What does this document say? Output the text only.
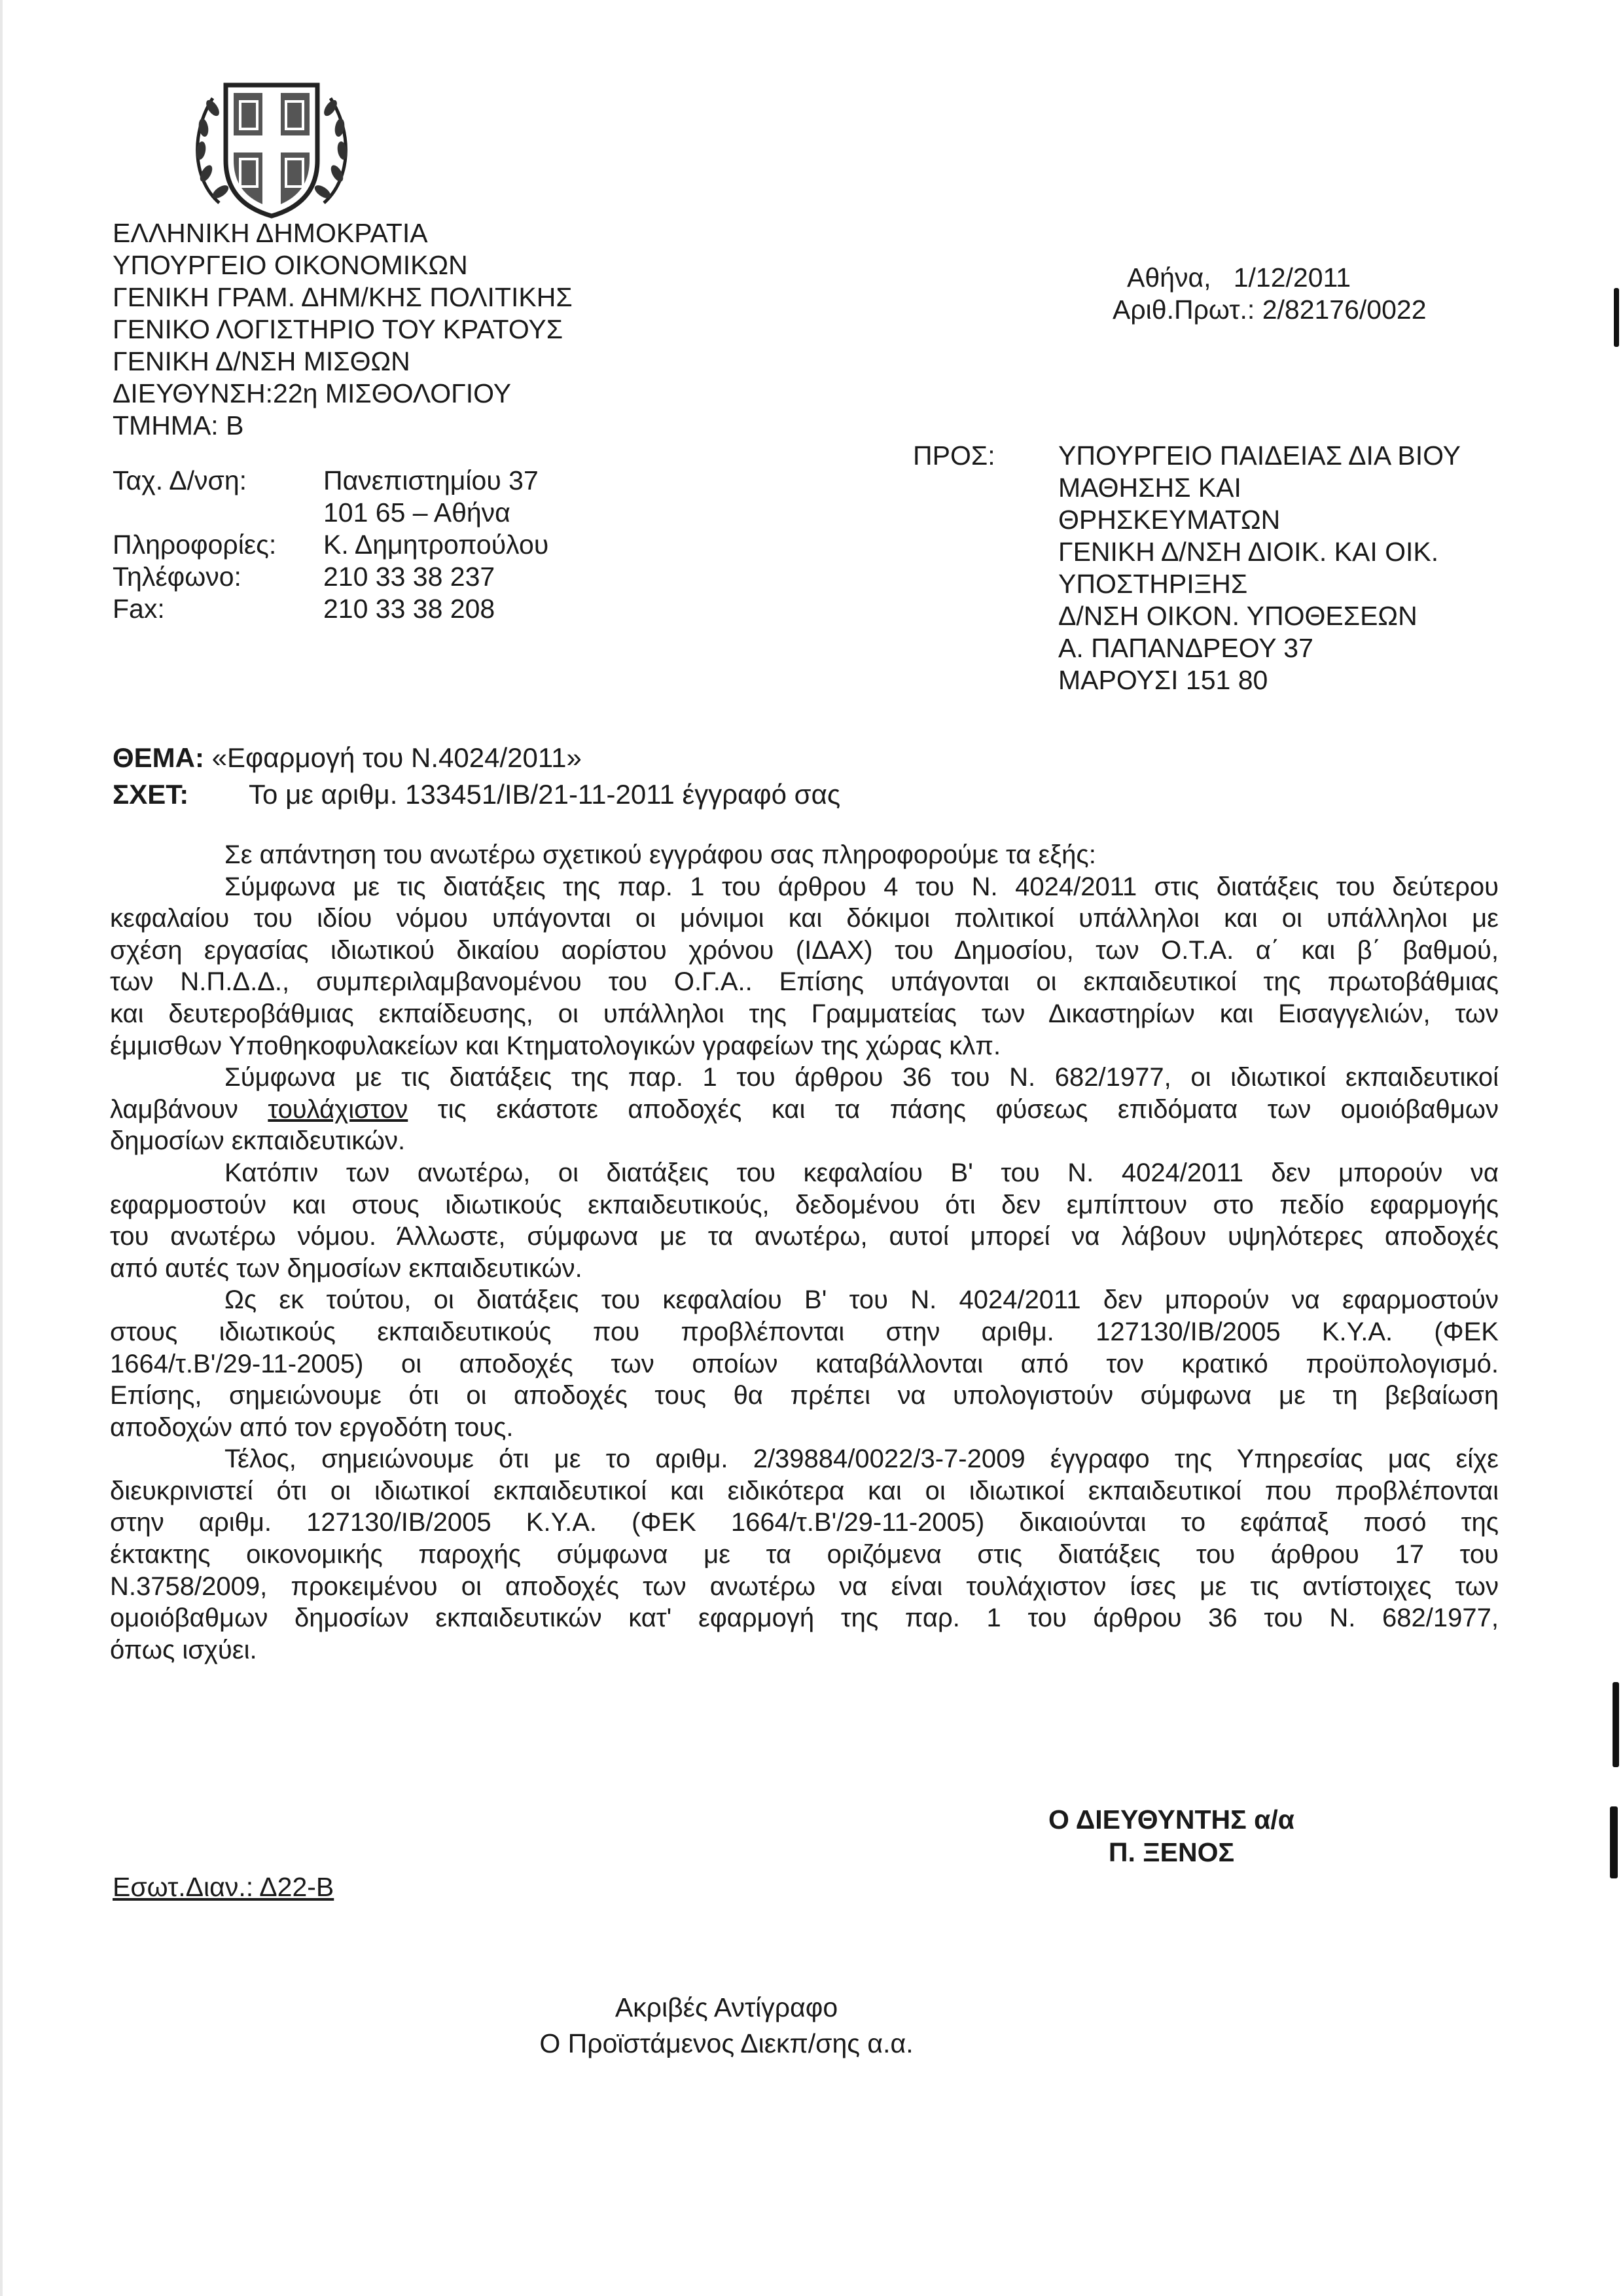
ΕΛΛΗΝΙΚΗ ΔΗΜΟΚΡΑΤΙΑ
ΥΠΟΥΡΓΕΙΟ ΟΙΚΟΝΟΜΙΚΩΝ
ΓΕΝΙΚΗ ΓΡΑΜ. ΔΗΜ/ΚΗΣ ΠΟΛΙΤΙΚΗΣ
ΓΕΝΙΚΟ ΛΟΓΙΣΤΗΡΙΟ ΤΟΥ ΚΡΑΤΟΥΣ
ΓΕΝΙΚΗ Δ/ΝΣΗ ΜΙΣΘΩΝ
ΔΙΕΥΘΥΝΣΗ:22η ΜΙΣΘΟΛΟΓΙΟΥ
ΤΜΗΜΑ: Β
Ταχ. Δ/νση:	Πανεπιστημίου 37
101 65 – Αθήνα
Πληροφορίες:	Κ. Δημητροπούλου
Τηλέφωνο:	210 33 38 237
Fax:	210 33 38 208
Αθήνα,   1/12/2011
Αριθ.Πρωτ.: 2/82176/0022
ΠΡΟΣ: ΥΠΟΥΡΓΕΙΟ ΠΑΙΔΕΙΑΣ ΔΙΑ ΒΙΟΥ
ΜΑΘΗΣΗΣ ΚΑΙ
ΘΡΗΣΚΕΥΜΑΤΩΝ
ΓΕΝΙΚΗ Δ/ΝΣΗ ΔΙΟΙΚ. ΚΑΙ ΟΙΚ.
ΥΠΟΣΤΗΡΙΞΗΣ
Δ/ΝΣΗ ΟΙΚΟΝ. ΥΠΟΘΕΣΕΩΝ
Α. ΠΑΠΑΝΔΡΕΟΥ 37
ΜΑΡΟΥΣΙ 151 80
ΘΕΜΑ: «Εφαρμογή του Ν.4024/2011»
ΣΧΕΤ: Το με αριθμ. 133451/ΙΒ/21-11-2011 έγγραφό σας
Σε απάντηση του ανωτέρω σχετικού εγγράφου σας πληροφορούμε τα εξής:
Σύμφωνα με τις διατάξεις της παρ. 1 του άρθρου 4 του Ν. 4024/2011 στις διατάξεις του δεύτερου
κεφαλαίου του ιδίου νόμου υπάγονται οι μόνιμοι και δόκιμοι πολιτικοί υπάλληλοι και οι υπάλληλοι με
σχέση εργασίας ιδιωτικού δικαίου αορίστου χρόνου (ΙΔΑΧ) του Δημοσίου, των Ο.Τ.Α. α΄ και β΄ βαθμού,
των Ν.Π.Δ.Δ., συμπεριλαμβανομένου του Ο.Γ.Α.. Επίσης υπάγονται οι εκπαιδευτικοί της πρωτοβάθμιας
και δευτεροβάθμιας εκπαίδευσης, οι υπάλληλοι της Γραμματείας των Δικαστηρίων και Εισαγγελιών, των
έμμισθων Υποθηκοφυλακείων και Κτηματολογικών γραφείων της χώρας κλπ.
Σύμφωνα με τις διατάξεις της παρ. 1 του άρθρου 36 του Ν. 682/1977, οι ιδιωτικοί εκπαιδευτικοί
λαμβάνουν τουλάχιστον τις εκάστοτε αποδοχές και τα πάσης φύσεως επιδόματα των ομοιόβαθμων
δημοσίων εκπαιδευτικών.
Κατόπιν των ανωτέρω, οι διατάξεις του κεφαλαίου Β' του Ν. 4024/2011 δεν μπορούν να
εφαρμοστούν και στους ιδιωτικούς εκπαιδευτικούς, δεδομένου ότι δεν εμπίπτουν στο πεδίο εφαρμογής
του ανωτέρω νόμου. Άλλωστε, σύμφωνα με τα ανωτέρω, αυτοί μπορεί να λάβουν υψηλότερες αποδοχές
από αυτές των δημοσίων εκπαιδευτικών.
Ως εκ τούτου, οι διατάξεις του κεφαλαίου Β' του Ν. 4024/2011 δεν μπορούν να εφαρμοστούν
στους ιδιωτικούς εκπαιδευτικούς που προβλέπονται στην αριθμ. 127130/ΙΒ/2005 Κ.Υ.Α. (ΦΕΚ
1664/τ.Β'/29-11-2005) οι αποδοχές των οποίων καταβάλλονται από τον κρατικό προϋπολογισμό.
Επίσης, σημειώνουμε ότι οι αποδοχές τους θα πρέπει να υπολογιστούν σύμφωνα με τη βεβαίωση
αποδοχών από τον εργοδότη τους.
Τέλος, σημειώνουμε ότι με το αριθμ. 2/39884/0022/3-7-2009 έγγραφο της Υπηρεσίας μας είχε
διευκρινιστεί ότι οι ιδιωτικοί εκπαιδευτικοί και ειδικότερα και οι ιδιωτικοί εκπαιδευτικοί που προβλέπονται
στην αριθμ. 127130/ΙΒ/2005 Κ.Υ.Α. (ΦΕΚ 1664/τ.Β'/29-11-2005) δικαιούνται το εφάπαξ ποσό της
έκτακτης οικονομικής παροχής σύμφωνα με τα οριζόμενα στις διατάξεις του άρθρου 17 του
Ν.3758/2009, προκειμένου οι αποδοχές των ανωτέρω να είναι τουλάχιστον ίσες με τις αντίστοιχες των
ομοιόβαθμων δημοσίων εκπαιδευτικών κατ' εφαρμογή της παρ. 1 του άρθρου 36 του Ν. 682/1977,
όπως ισχύει.
Ο ΔΙΕΥΘΥΝΤΗΣ α/α
Π. ΞΕΝΟΣ
Εσωτ.Διαν.: Δ22-Β
Ακριβές Αντίγραφο
Ο Προϊστάμενος Διεκπ/σης α.α.
